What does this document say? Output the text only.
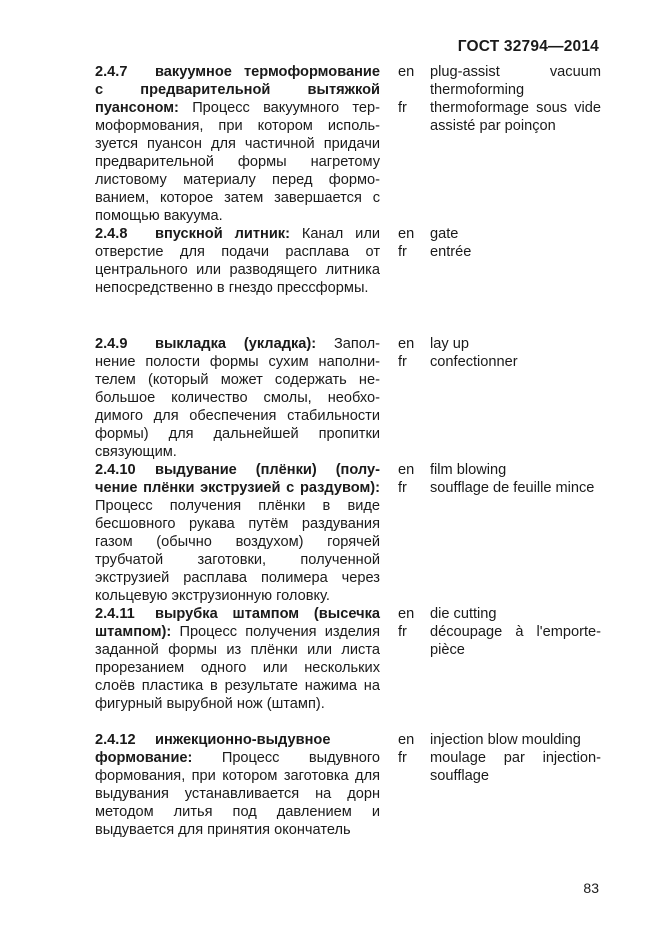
ГОСТ 32794—2014
2.4.7 вакуумное термоформование с предварительной вытяжкой пуансоном: Процесс вакуумного термоформования, при котором используется пуансон для частичной придачи предварительной формы нагретому листовому материалу перед формованием, которое затем завершается с помощью вакуума.
en
fr
plug-assist vacuum thermoforming
thermoformage sous vide assisté par poinçon
2.4.8 впускной литник: Канал или отверстие для подачи расплава от центрального или разводящего литника непосредственно в гнездо прессформы.
en
fr
gate
entrée
2.4.9 выкладка (укладка): Заполнение полости формы сухим наполнителем (который может содержать небольшое количество смолы, необходимого для обеспечения стабильности формы) для дальнейшей пропитки связующим.
en
fr
lay up
confectionner
2.4.10 выдувание (плёнки) (получение плёнки экструзией с раздувом): Процесс получения плёнки в виде бесшовного рукава путём раздувания газом (обычно воздухом) горячей трубчатой заготовки, полученной экструзией расплава полимера через кольцевую экструзионную головку.
en
fr
film blowing
soufflage de feuille mince
2.4.11 вырубка штампом (высечка штампом): Процесс получения изделия заданной формы из плёнки или листа прорезанием одного или нескольких слоёв пластика в результате нажима на фигурный вырубной нож (штамп).
en
fr
die cutting
découpage à l'emportepièce
2.4.12 инжекционно-выдувное формование: Процесс выдувного формования, при котором заготовка для выдувания устанавливается на дорн методом литья под давлением и выдувается для принятия окончатель
en
fr
injection blow moulding
moulage par injectionsoufflage
83
